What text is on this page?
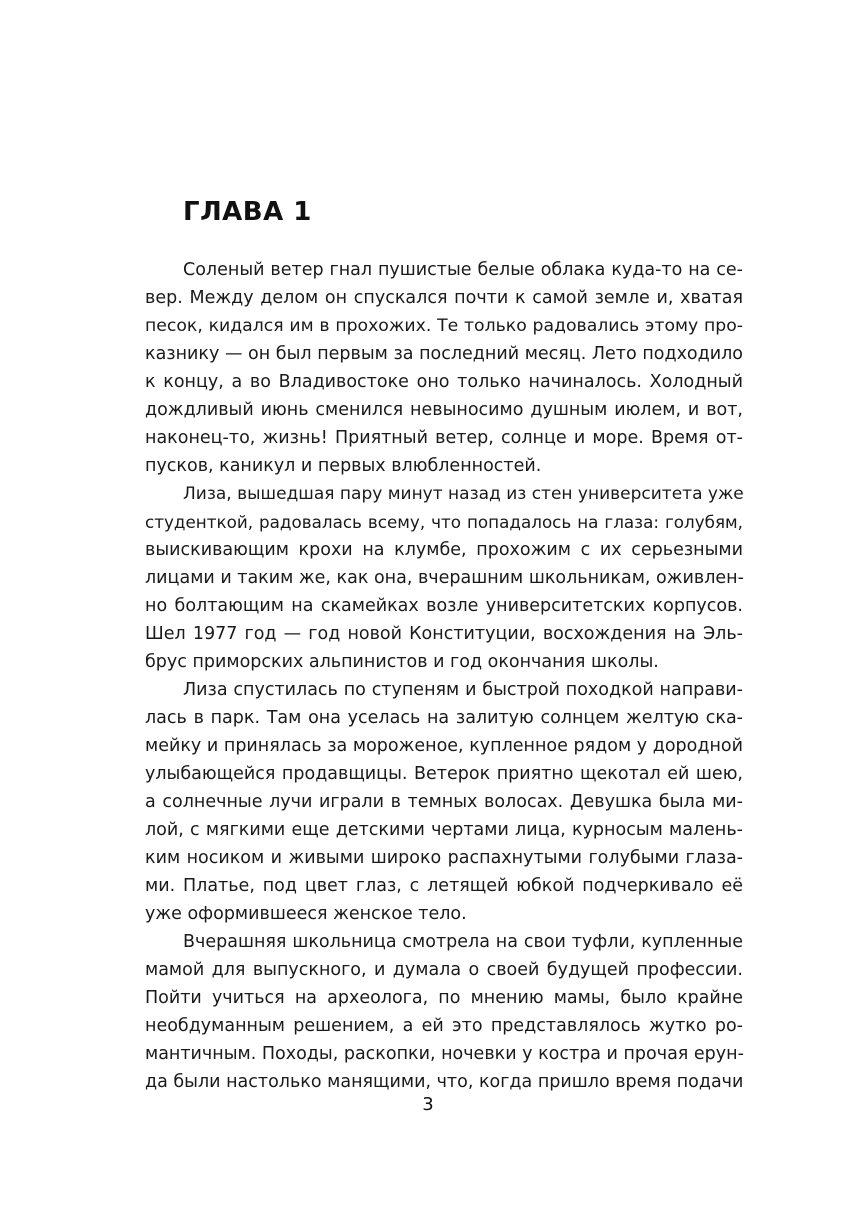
ГЛАВА 1
Соленый ветер гнал пушистые белые облака куда-то на се-
вер. Между делом он спускался почти к самой земле и, хватая
песок, кидался им в прохожих. Те только радовались этому про-
казнику — он был первым за последний месяц. Лето подходило
к концу, а во Владивостоке оно только начиналось. Холодный
дождливый июнь сменился невыносимо душным июлем, и вот,
наконец-то, жизнь! Приятный ветер, солнце и море. Время от-
пусков, каникул и первых влюбленностей.
Лиза, вышедшая пару минут назад из стен университета уже
студенткой, радовалась всему, что попадалось на глаза: голубям,
выискивающим крохи на клумбе, прохожим с их серьезными
лицами и таким же, как она, вчерашним школьникам, оживлен-
но болтающим на скамейках возле университетских корпусов.
Шел 1977 год — год новой Конституции, восхождения на Эль-
брус приморских альпинистов и год окончания школы.
Лиза спустилась по ступеням и быстрой походкой направи-
лась в парк. Там она уселась на залитую солнцем желтую ска-
мейку и принялась за мороженое, купленное рядом у дородной
улыбающейся продавщицы. Ветерок приятно щекотал ей шею,
а солнечные лучи играли в темных волосах. Девушка была ми-
лой, с мягкими еще детскими чертами лица, курносым малень-
ким носиком и живыми широко распахнутыми голубыми глаза-
ми. Платье, под цвет глаз, с летящей юбкой подчеркивало её
уже оформившееся женское тело.
Вчерашняя школьница смотрела на свои туфли, купленные
мамой для выпускного, и думала о своей будущей профессии.
Пойти учиться на археолога, по мнению мамы, было крайне
необдуманным решением, а ей это представлялось жутко ро-
мантичным. Походы, раскопки, ночевки у костра и прочая ерун-
да были настолько манящими, что, когда пришло время подачи
3
